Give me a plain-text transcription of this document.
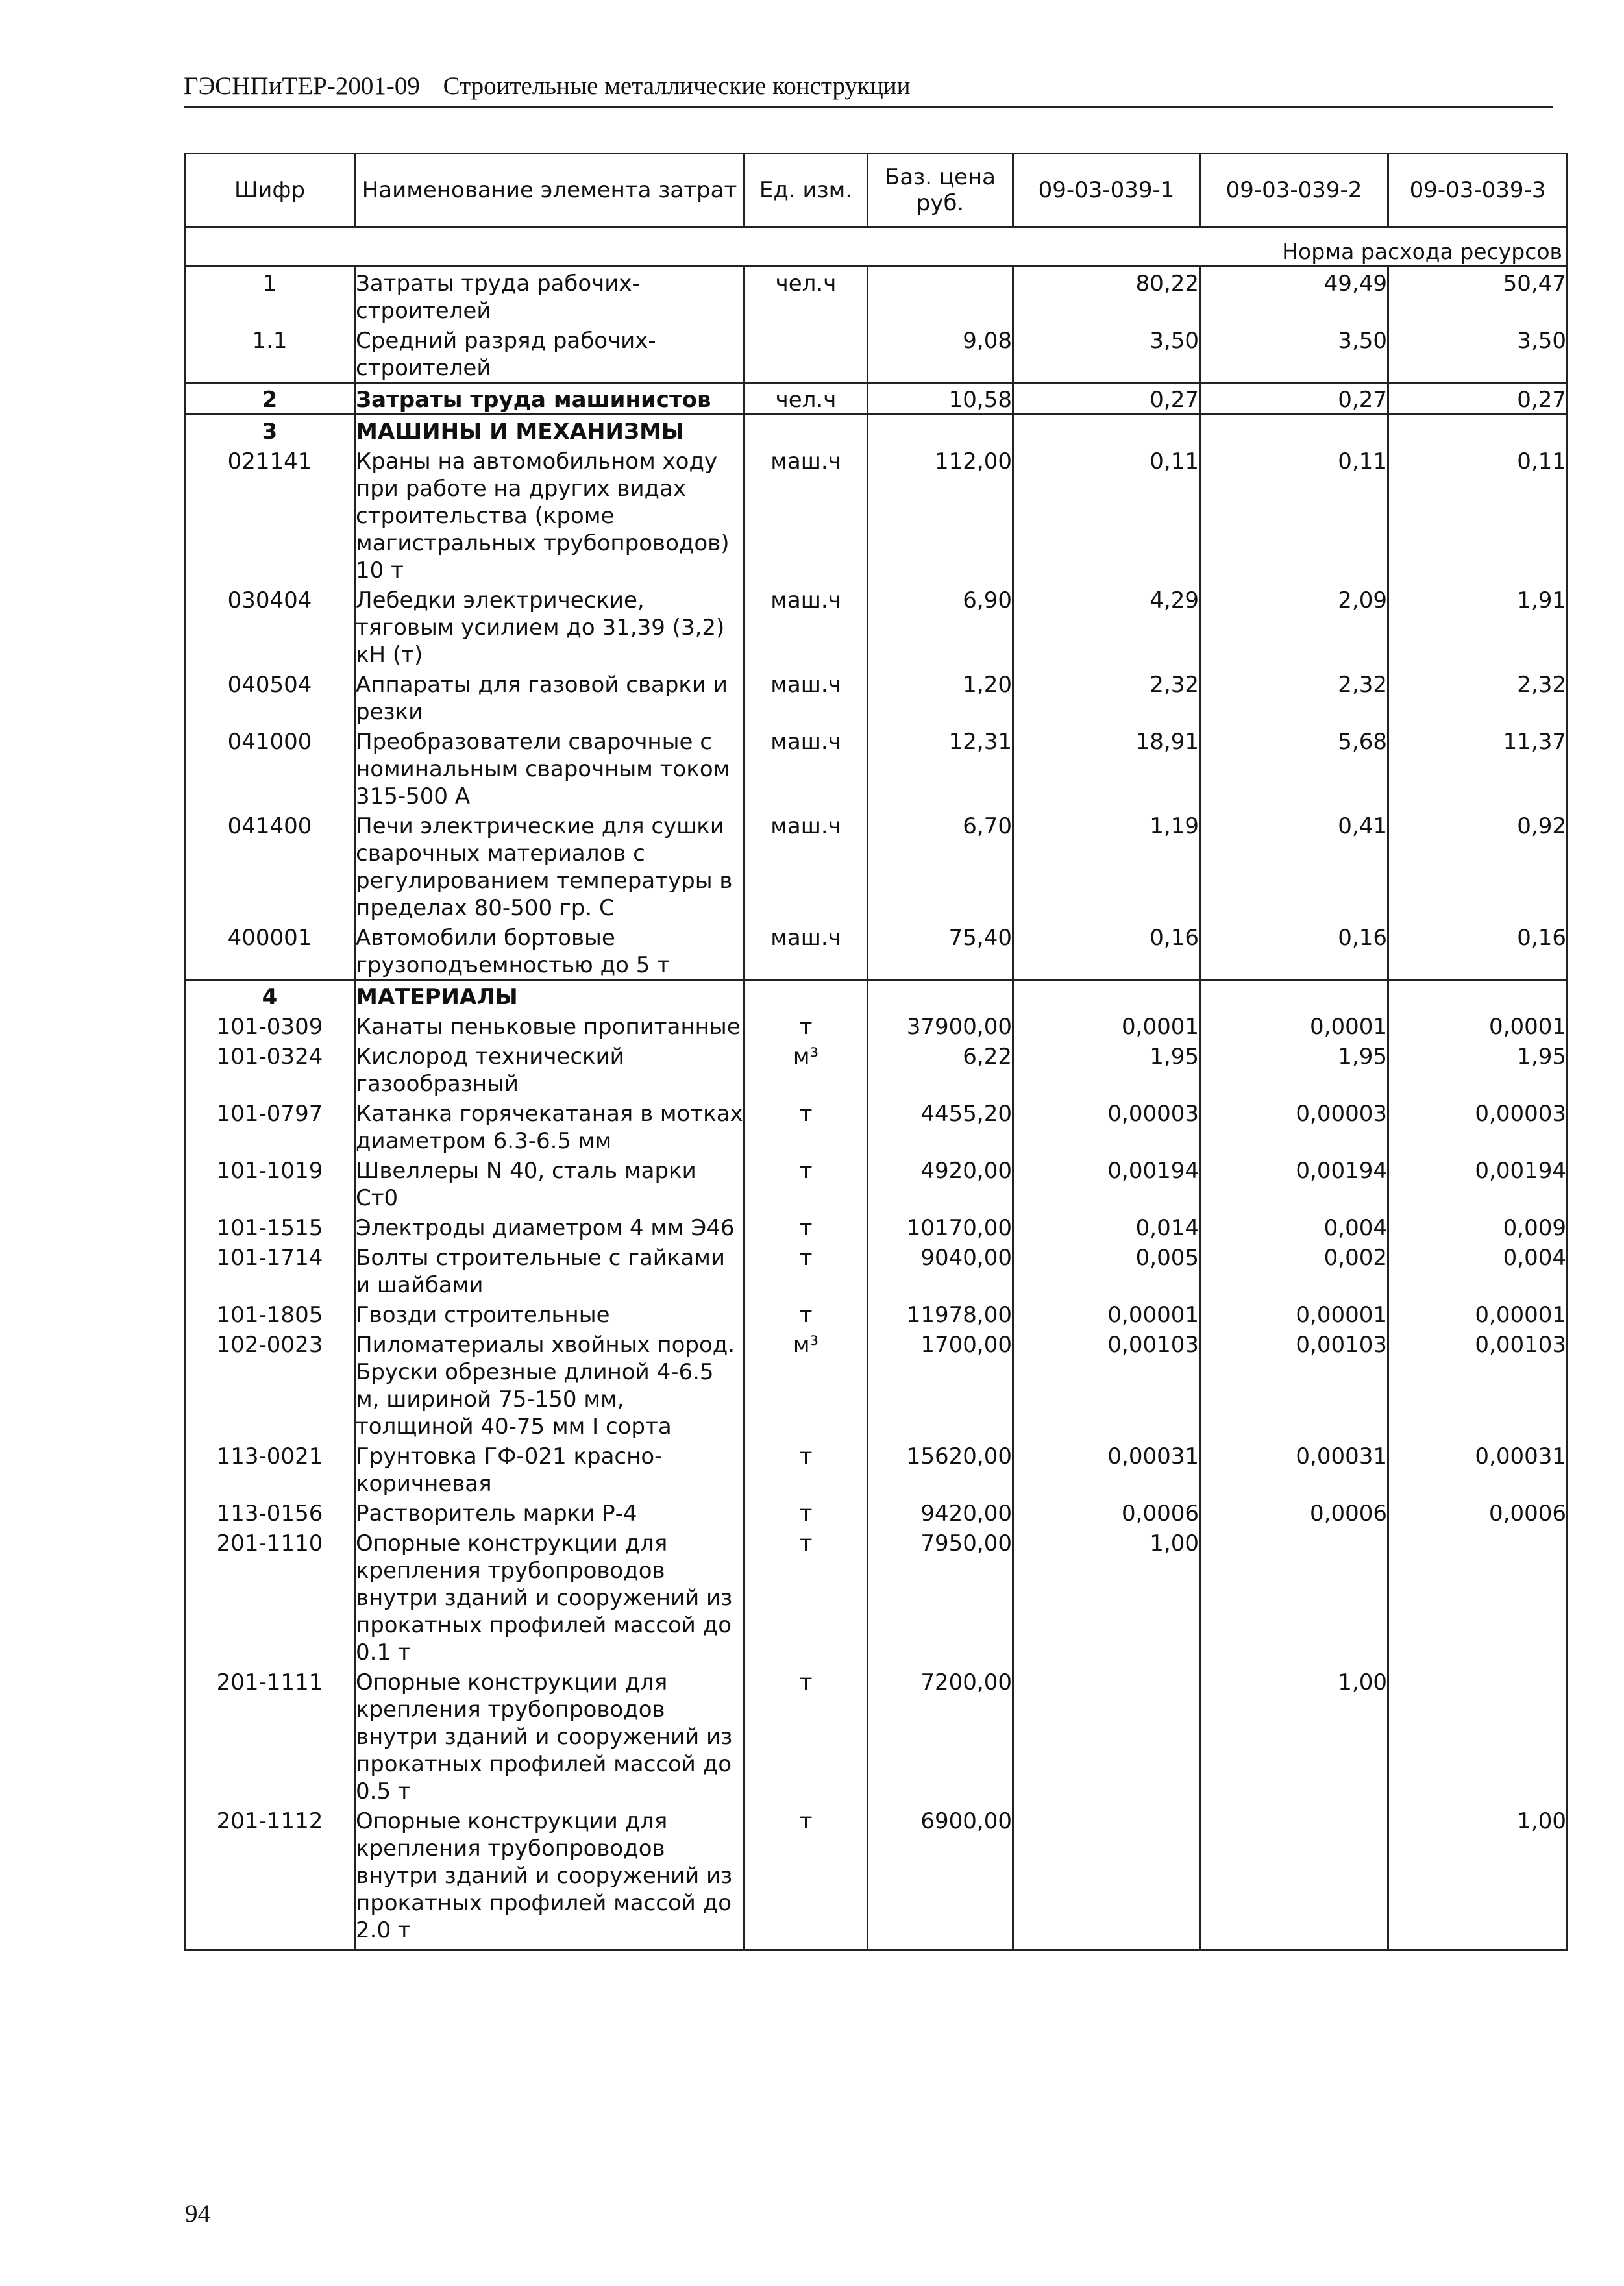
ГЭСНПиТЕР-2001-09 Строительные металлические конструкции
Шифр	Наименование элемента затрат	Ед. изм.	Баз. цена руб.	09-03-039-1	09-03-039-2	09-03-039-3
Норма расхода ресурсов						
1	Затраты труда рабочих-строителей	чел.ч		80,22	49,49	50,47
1.1	Средний разряд рабочих-строителей		9,08	3,50	3,50	3,50
2	Затраты труда машинистов	чел.ч	10,58	0,27	0,27	0,27
3	МАШИНЫ И МЕХАНИЗМЫ					
021141	Краны на автомобильном ходу при работе на других видах строительства (кроме магистральных трубопроводов) 10 т	маш.ч	112,00	0,11	0,11	0,11
030404	Лебедки электрические, тяговым усилием до 31,39 (3,2) кН (т)	маш.ч	6,90	4,29	2,09	1,91
040504	Аппараты для газовой сварки и резки	маш.ч	1,20	2,32	2,32	2,32
041000	Преобразователи сварочные с номинальным сварочным током 315-500 А	маш.ч	12,31	18,91	5,68	11,37
041400	Печи электрические для сушки сварочных материалов с регулированием температуры в пределах 80-500 гр. С	маш.ч	6,70	1,19	0,41	0,92
400001	Автомобили бортовые грузоподъемностью до 5 т	маш.ч	75,40	0,16	0,16	0,16
4	МАТЕРИАЛЫ					
101-0309	Канаты пеньковые пропитанные	т	37900,00	0,0001	0,0001	0,0001
101-0324	Кислород технический газообразный	м³	6,22	1,95	1,95	1,95
101-0797	Катанка горячекатаная в мотках диаметром 6.3-6.5 мм	т	4455,20	0,00003	0,00003	0,00003
101-1019	Швеллеры N 40, сталь марки Ст0	т	4920,00	0,00194	0,00194	0,00194
101-1515	Электроды диаметром 4 мм Э46	т	10170,00	0,014	0,004	0,009
101-1714	Болты строительные с гайками и шайбами	т	9040,00	0,005	0,002	0,004
101-1805	Гвозди строительные	т	11978,00	0,00001	0,00001	0,00001
102-0023	Пиломатериалы хвойных пород. Бруски обрезные длиной 4-6.5 м, шириной 75-150 мм, толщиной 40-75 мм I сорта	м³	1700,00	0,00103	0,00103	0,00103
113-0021	Грунтовка ГФ-021 красно-коричневая	т	15620,00	0,00031	0,00031	0,00031
113-0156	Растворитель марки Р-4	т	9420,00	0,0006	0,0006	0,0006
201-1110	Опорные конструкции для крепления трубопроводов внутри зданий и сооружений из прокатных профилей массой до 0.1 т	т	7950,00	1,00		
201-1111	Опорные конструкции для крепления трубопроводов внутри зданий и сооружений из прокатных профилей массой до 0.5 т	т	7200,00		1,00	
201-1112	Опорные конструкции для крепления трубопроводов внутри зданий и сооружений из прокатных профилей массой до 2.0 т	т	6900,00			1,00
94
